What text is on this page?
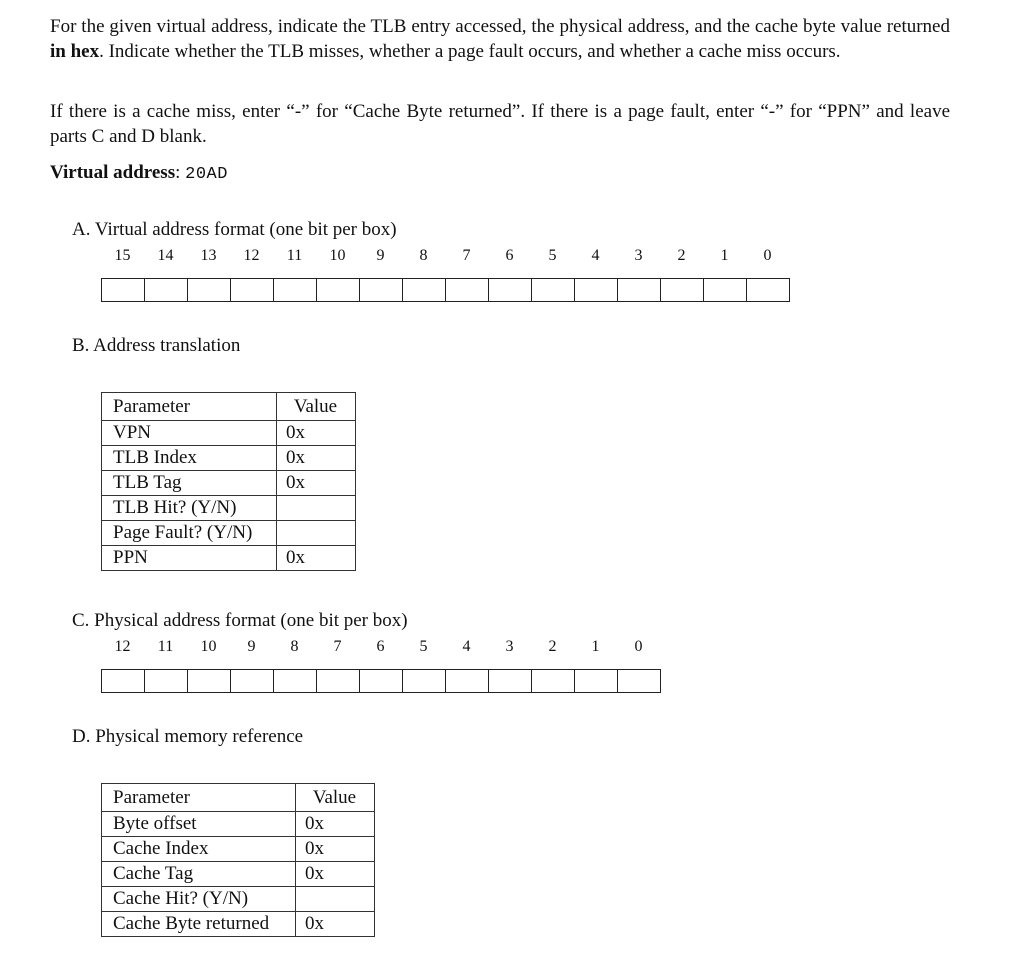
For the given virtual address, indicate the TLB entry accessed, the physical address, and the cache byte value returned in hex. Indicate whether the TLB misses, whether a page fault occurs, and whether a cache miss occurs.

If there is a cache miss, enter “-” for “Cache Byte returned”. If there is a page fault, enter “-” for “PPN” and leave parts C and D blank.

Virtual address: 20AD

A. Virtual address format (one bit per box)

15	14	13	12	11	10	9	8	7	6	5	4	3	2	1	0

B. Address translation

Parameter	Value
VPN	0x
TLB Index	0x
TLB Tag	0x
TLB Hit? (Y/N)	
Page Fault? (Y/N)	
PPN	0x

C. Physical address format (one bit per box)

12	11	10	9	8	7	6	5	4	3	2	1	0

D. Physical memory reference

Parameter	Value
Byte offset	0x
Cache Index	0x
Cache Tag	0x
Cache Hit? (Y/N)	
Cache Byte returned	0x
